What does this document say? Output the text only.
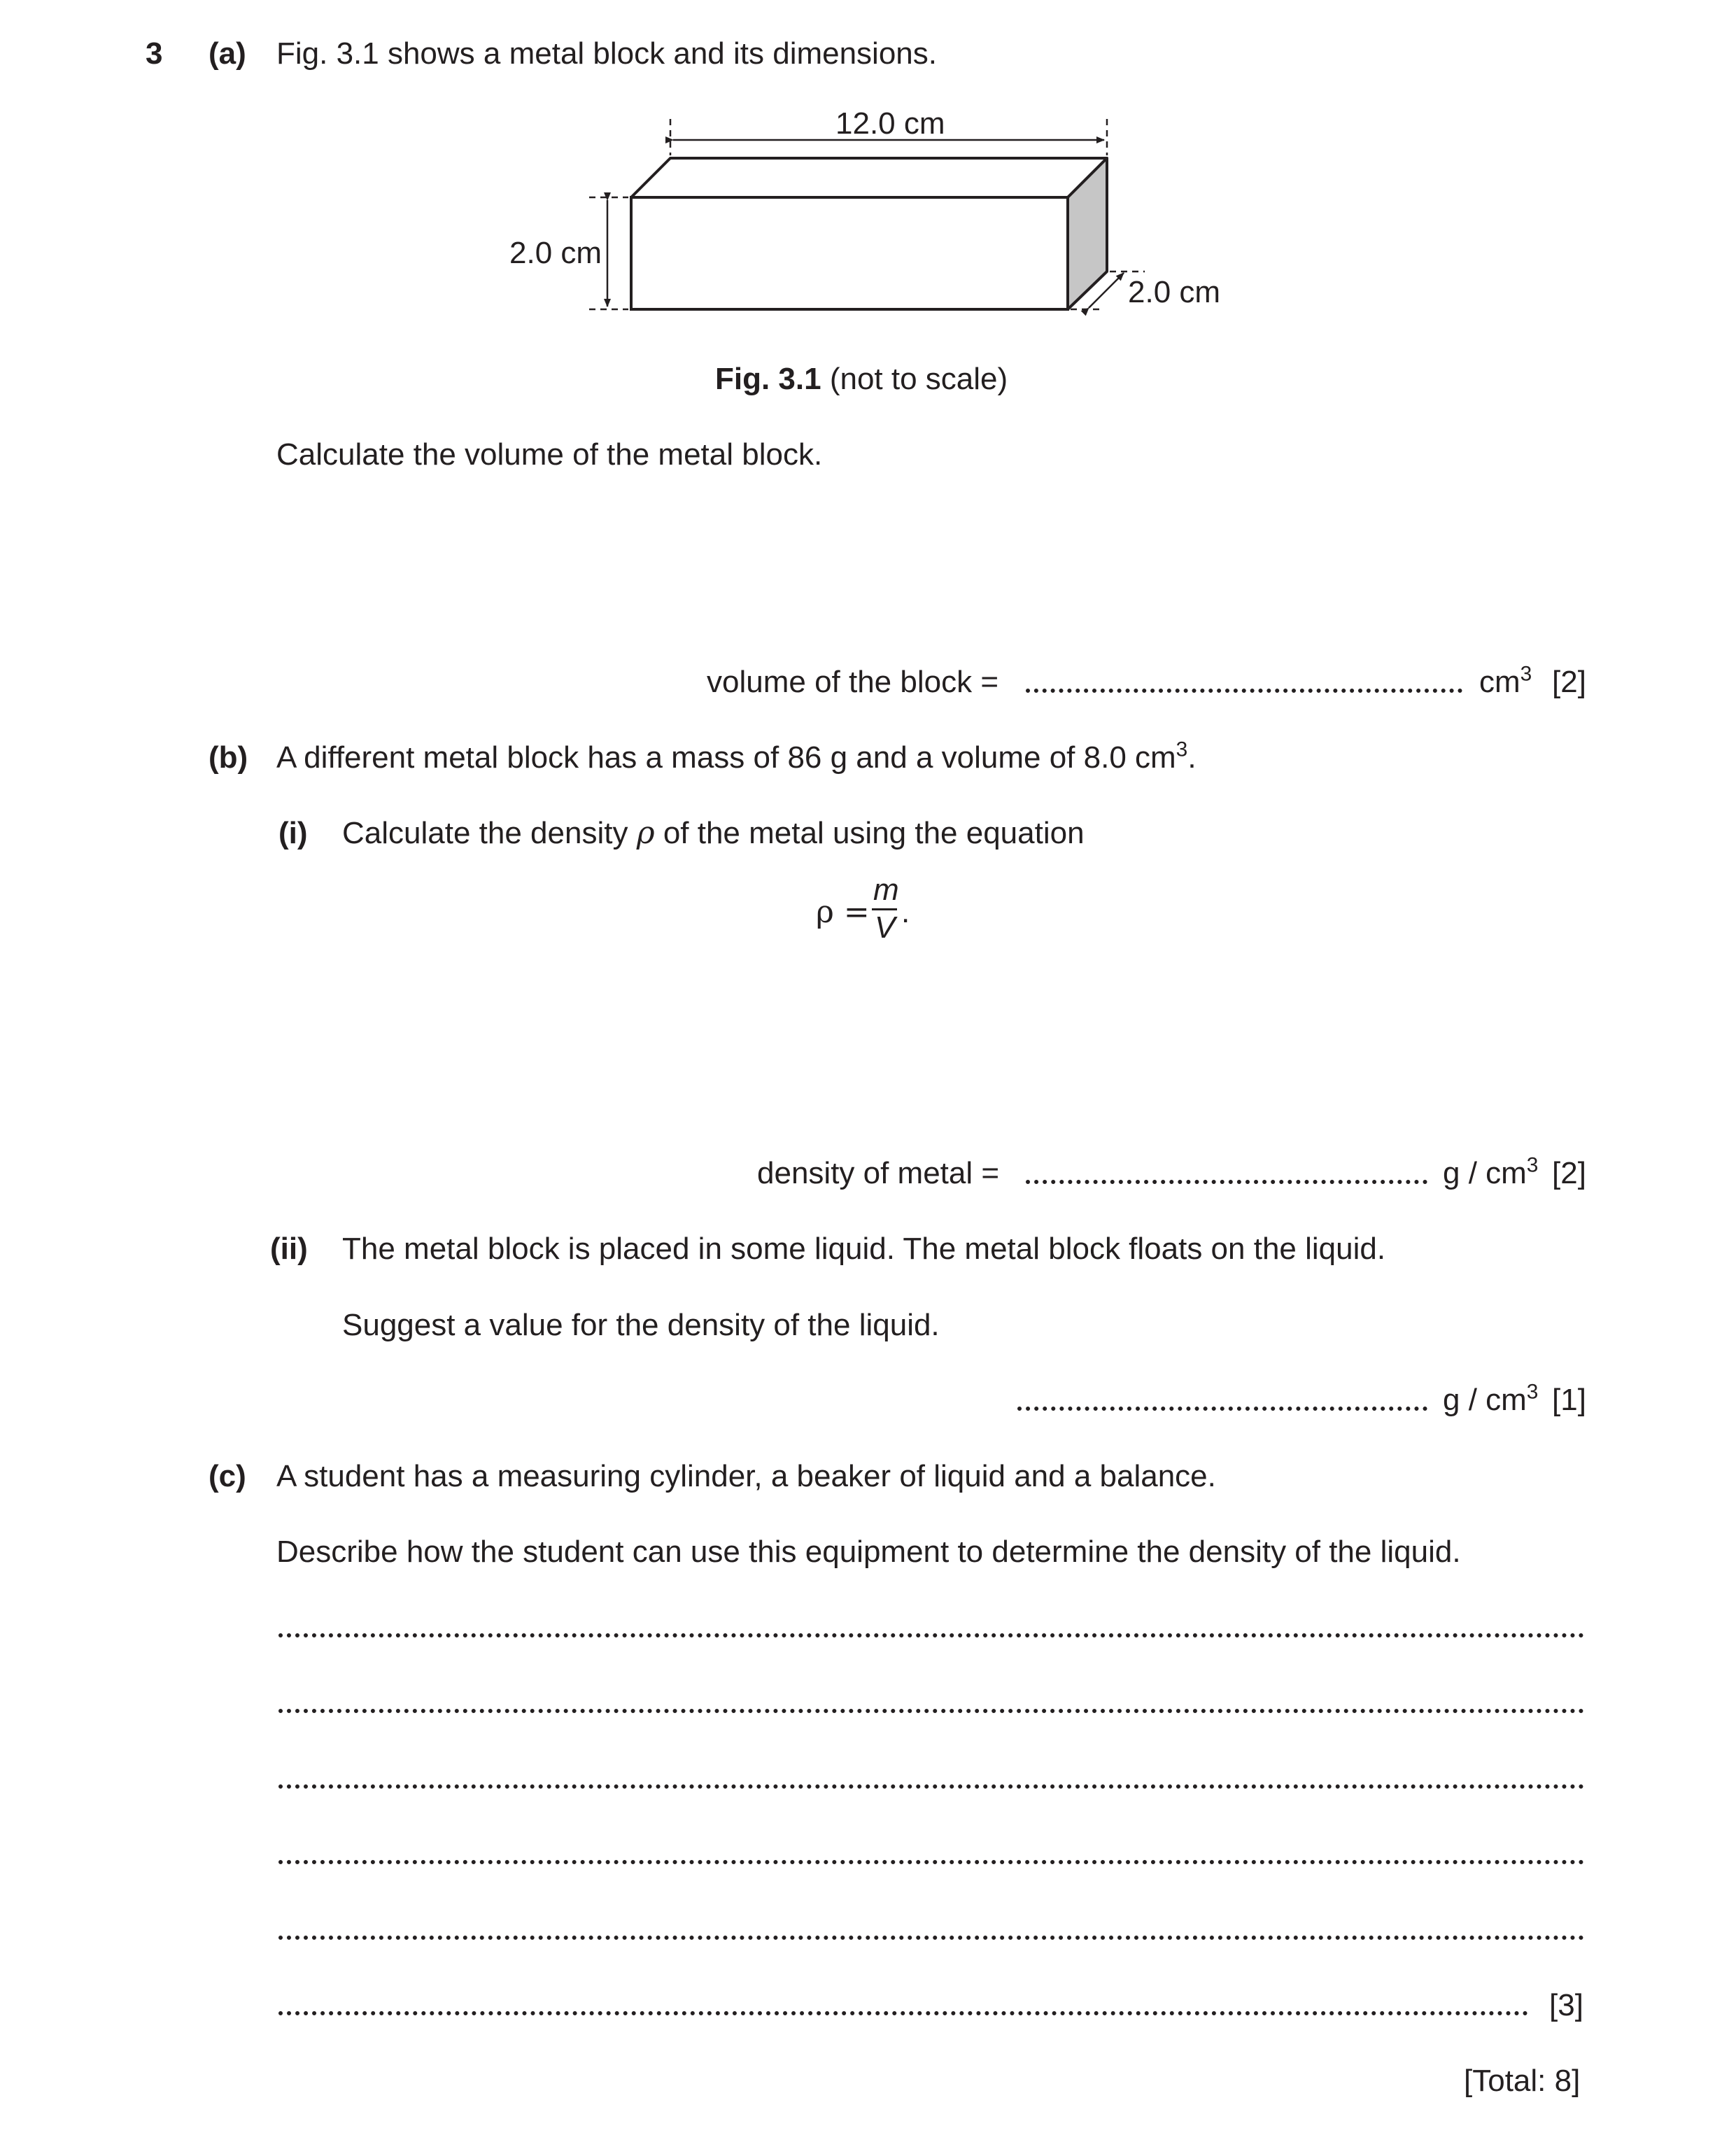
3 (a) Fig. 3.1 shows a metal block and its dimensions.
12.0 cm
2.0 cm
2.0 cm
Fig. 3.1 (not to scale)
Calculate the volume of the metal block.
volume of the block =	$cm^3$ [2]
(b) A different metal block has a mass of 86 g and a volume of 8.0 $cm^3$.
(i) Calculate the density ρ of the metal using the equation
ρ =
m
V .
density of metal =	g / $cm^3$ [2]
(ii) The metal block is placed in some liquid. The metal block floats on the liquid.
Suggest a value for the density of the liquid.
g / $cm^3$ [1]
(c) A student has a measuring cylinder, a beaker of liquid and a balance.
Describe how the student can use this equipment to determine the density of the liquid.
[3]
[Total: 8]
